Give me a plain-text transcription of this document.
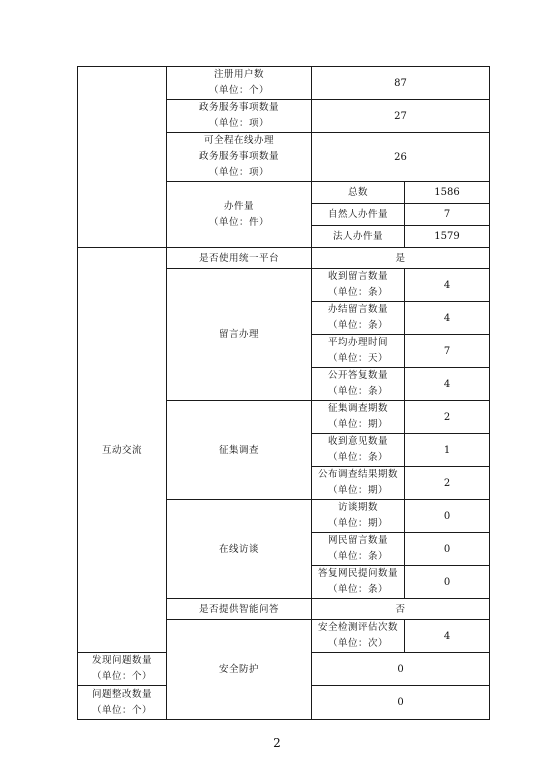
	注册用户数
（单位：个）	87	

	政务服务事项数量
（单位：项）	27	

	可全程在线办理
政务服务事项数量
（单位：项）	26	

	办件量
（单位：件）	总数	1586
		自然人办件量	7
		法人办件量	1579

互动交流	是否使用统一平台	是	
	留言办理	收到留言数量
（单位：条）	4

		办结留言数量
（单位：条）	4

		平均办理时间
（单位：天）	7

		公开答复数量
（单位：条）	4
	征集调查	征集调查期数
（单位：期）	2

		收到意见数量
（单位：条）	1

		公布调查结果期数
（单位：期）	2
	在线访谈	访谈期数
（单位：期）	0

		网民留言数量
（单位：条）	0

		答复网民提问数量
（单位：条）	0
	是否提供智能问答	否	
	安全防护	安全检测评估次数
（单位：次）	4

发现问题数量
（单位：个）		0	

问题整改数量
（单位：个）		0	
2
